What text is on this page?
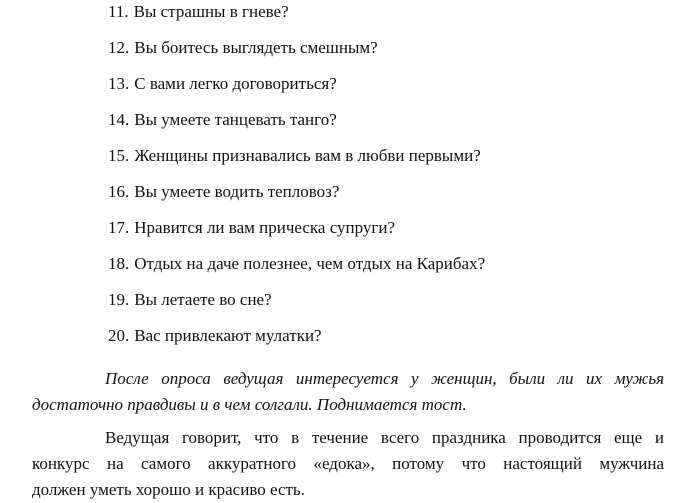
11. Вы страшны в гневе?
12. Вы боитесь выглядеть смешным?
13. С вами легко договориться?
14. Вы умеете танцевать танго?
15. Женщины признавались вам в любви первыми?
16. Вы умеете водить тепловоз?
17. Нравится ли вам прическа супруги?
18. Отдых на даче полезнее, чем отдых на Карибах?
19. Вы летаете во сне?
20. Вас привлекают мулатки?

После опроса ведущая интересуется у женщин, были ли их мужья
достаточно правдивы и в чем солгали. Поднимается тост.

Ведущая говорит, что в течение всего праздника проводится еще и
конкурс на самого аккуратного «едока», потому что настоящий мужчина
должен уметь хорошо и красиво есть.
